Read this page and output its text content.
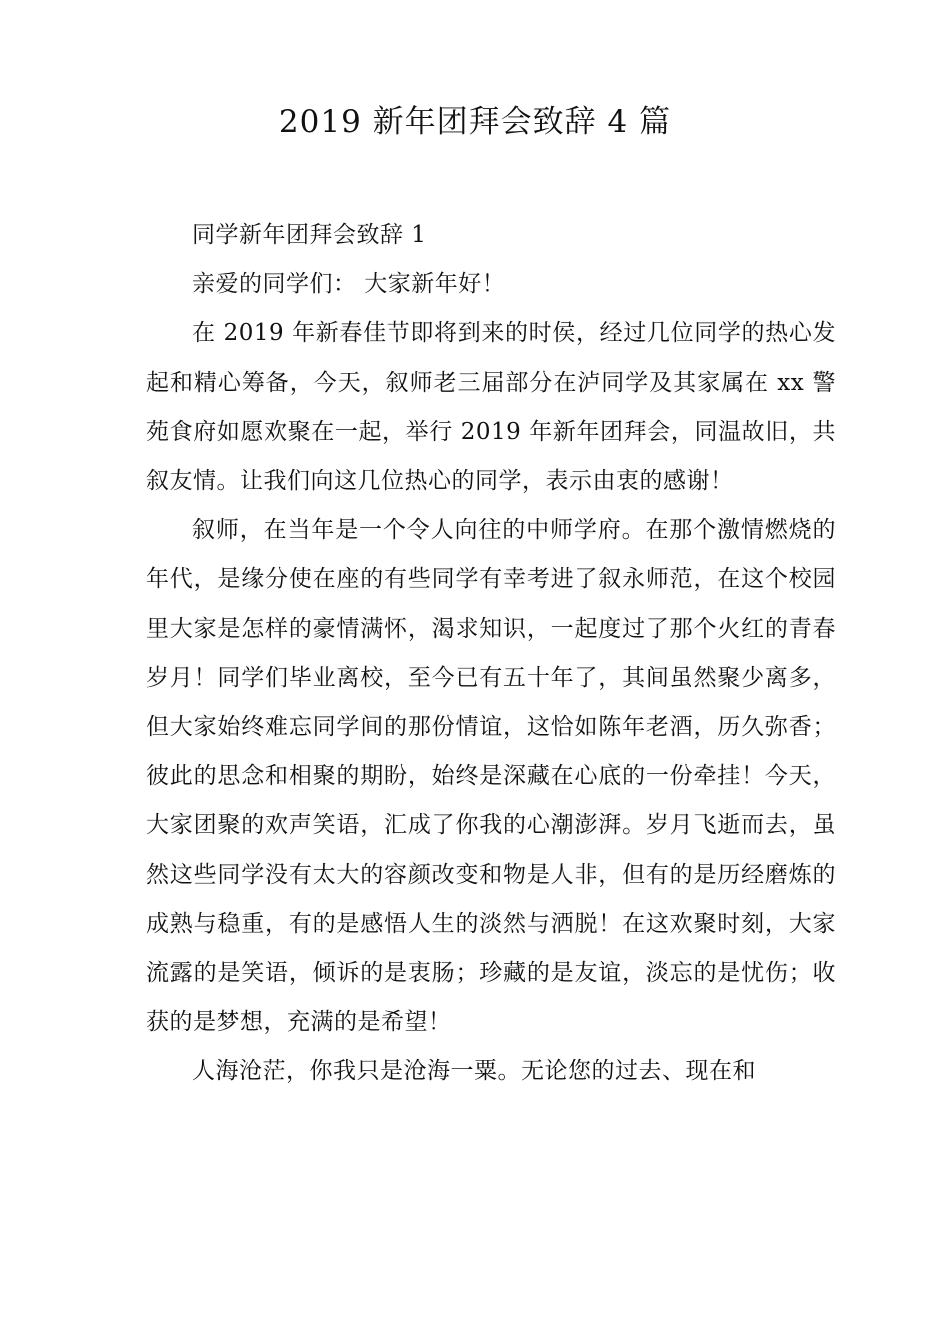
2019 新年团拜会致辞 4 篇

同学新年团拜会致辞 1

亲爱的同学们： 大家新年好！

在 2019 年新春佳节即将到来的时侯，经过几位同学的热心发起和精心筹备，今天，叙师老三届部分在泸同学及其家属在 xx 警苑食府如愿欢聚在一起，举行 2019 年新年团拜会，同温故旧，共叙友情。让我们向这几位热心的同学，表示由衷的感谢！

叙师，在当年是一个令人向往的中师学府。在那个激情燃烧的年代，是缘分使在座的有些同学有幸考进了叙永师范，在这个校园里大家是怎样的豪情满怀，渴求知识，一起度过了那个火红的青春岁月！同学们毕业离校，至今已有五十年了，其间虽然聚少离多，但大家始终难忘同学间的那份情谊，这恰如陈年老酒，历久弥香；彼此的思念和相聚的期盼，始终是深藏在心底的一份牵挂！今天，大家团聚的欢声笑语，汇成了你我的心潮澎湃。岁月飞逝而去，虽然这些同学没有太大的容颜改变和物是人非，但有的是历经磨炼的成熟与稳重，有的是感悟人生的淡然与洒脱！在这欢聚时刻，大家流露的是笑语，倾诉的是衷肠；珍藏的是友谊，淡忘的是忧伤；收获的是梦想，充满的是希望！

人海沧茫，你我只是沧海一粟。无论您的过去、现在和
